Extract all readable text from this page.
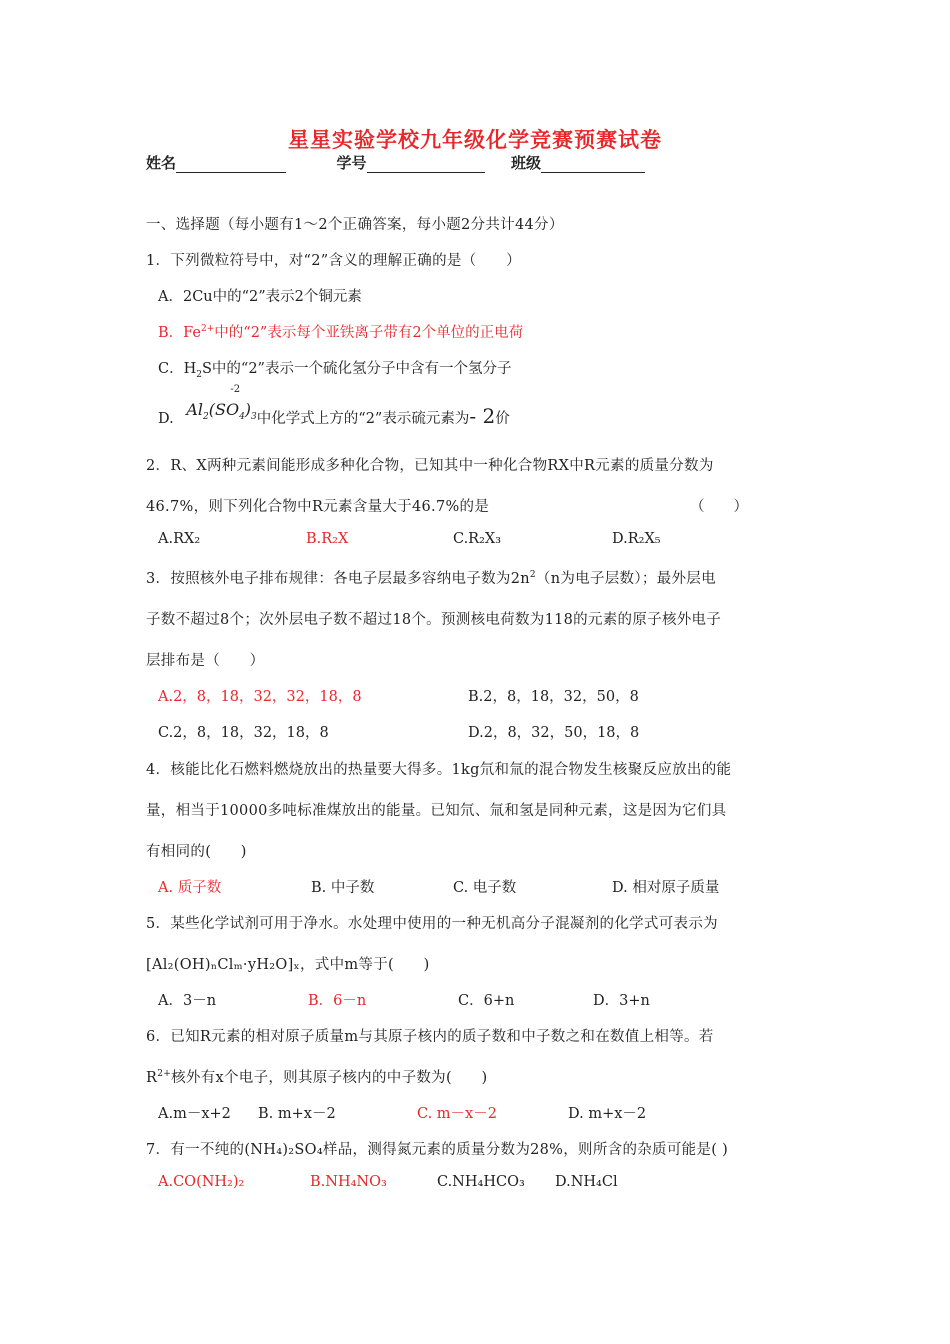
星星实验学校九年级化学竞赛预赛试卷
姓名	学号	班级
一、选择题（每小题有1～2个正确答案，每小题2分共计44分）
1．下列微粒符号中，对“2”含义的理解正确的是（　　）
A．2Cu中的“2”表示2个铜元素
B．$Fe^{2+}$中的“2”表示每个亚铁离子带有2个单位的正电荷
C．$H_2S$中的“2”表示一个硫化氢分子中含有一个氢分子
D.
-2
$Al_2(SO_4)_3$中化学式上方的“2”表示硫元素为- 2价
2．R、X两种元素间能形成多种化合物，已知其中一种化合物RX中R元素的质量分数为
46.7%，则下列化合物中R元素含量大于46.7%的是	（　　）
A.RX₂	B.R₂X	C.R₂X₃	D.R₂X₅
3．按照核外电子排布规律：各电子层最多容纳电子数为$2n^2(n$为电子层数）；最外层电
子数不超过8个；次外层电子数不超过18个。预测核电荷数为118的元素的原子核外电子
层排布是（　　）
A.2，8，18，32，32，18，8	B.2，8，18，32，50，8
C.2，8，18，32，18，8	D.2，8，32，50，18，8
4．核能比化石燃料燃烧放出的热量要大得多。1kg氘和氚的混合物发生核聚反应放出的能
量，相当于10000多吨标准煤放出的能量。已知氘、氚和氢是同种元素，这是因为它们具
有相同的(　　)
A. 质子数	B. 中子数	C. 电子数	D. 相对原子质量
5．某些化学试剂可用于净水。水处理中使用的一种无机高分子混凝剂的化学式可表示为
[Al₂(OH)ₙClₘ·yH₂O]ₓ，式中m等于(　　)
A．3－n	B．6－n	C．6+n	D．3+n
6．已知R元素的相对原子质量m与其原子核内的质子数和中子数之和在数值上相等。若
$R^{2+}$核外有x个电子，则其原子核内的中子数为(　　)
A.m－x+2 B. m+x－2	C. m－x－2	D. m+x－2
7．有一不纯的(NH₄)₂SO₄样品，测得氮元素的质量分数为28%，则所含的杂质可能是( )
A.CO(NH₂)₂	B.NH₄NO₃	C.NH₄HCO₃ D.NH₄Cl
